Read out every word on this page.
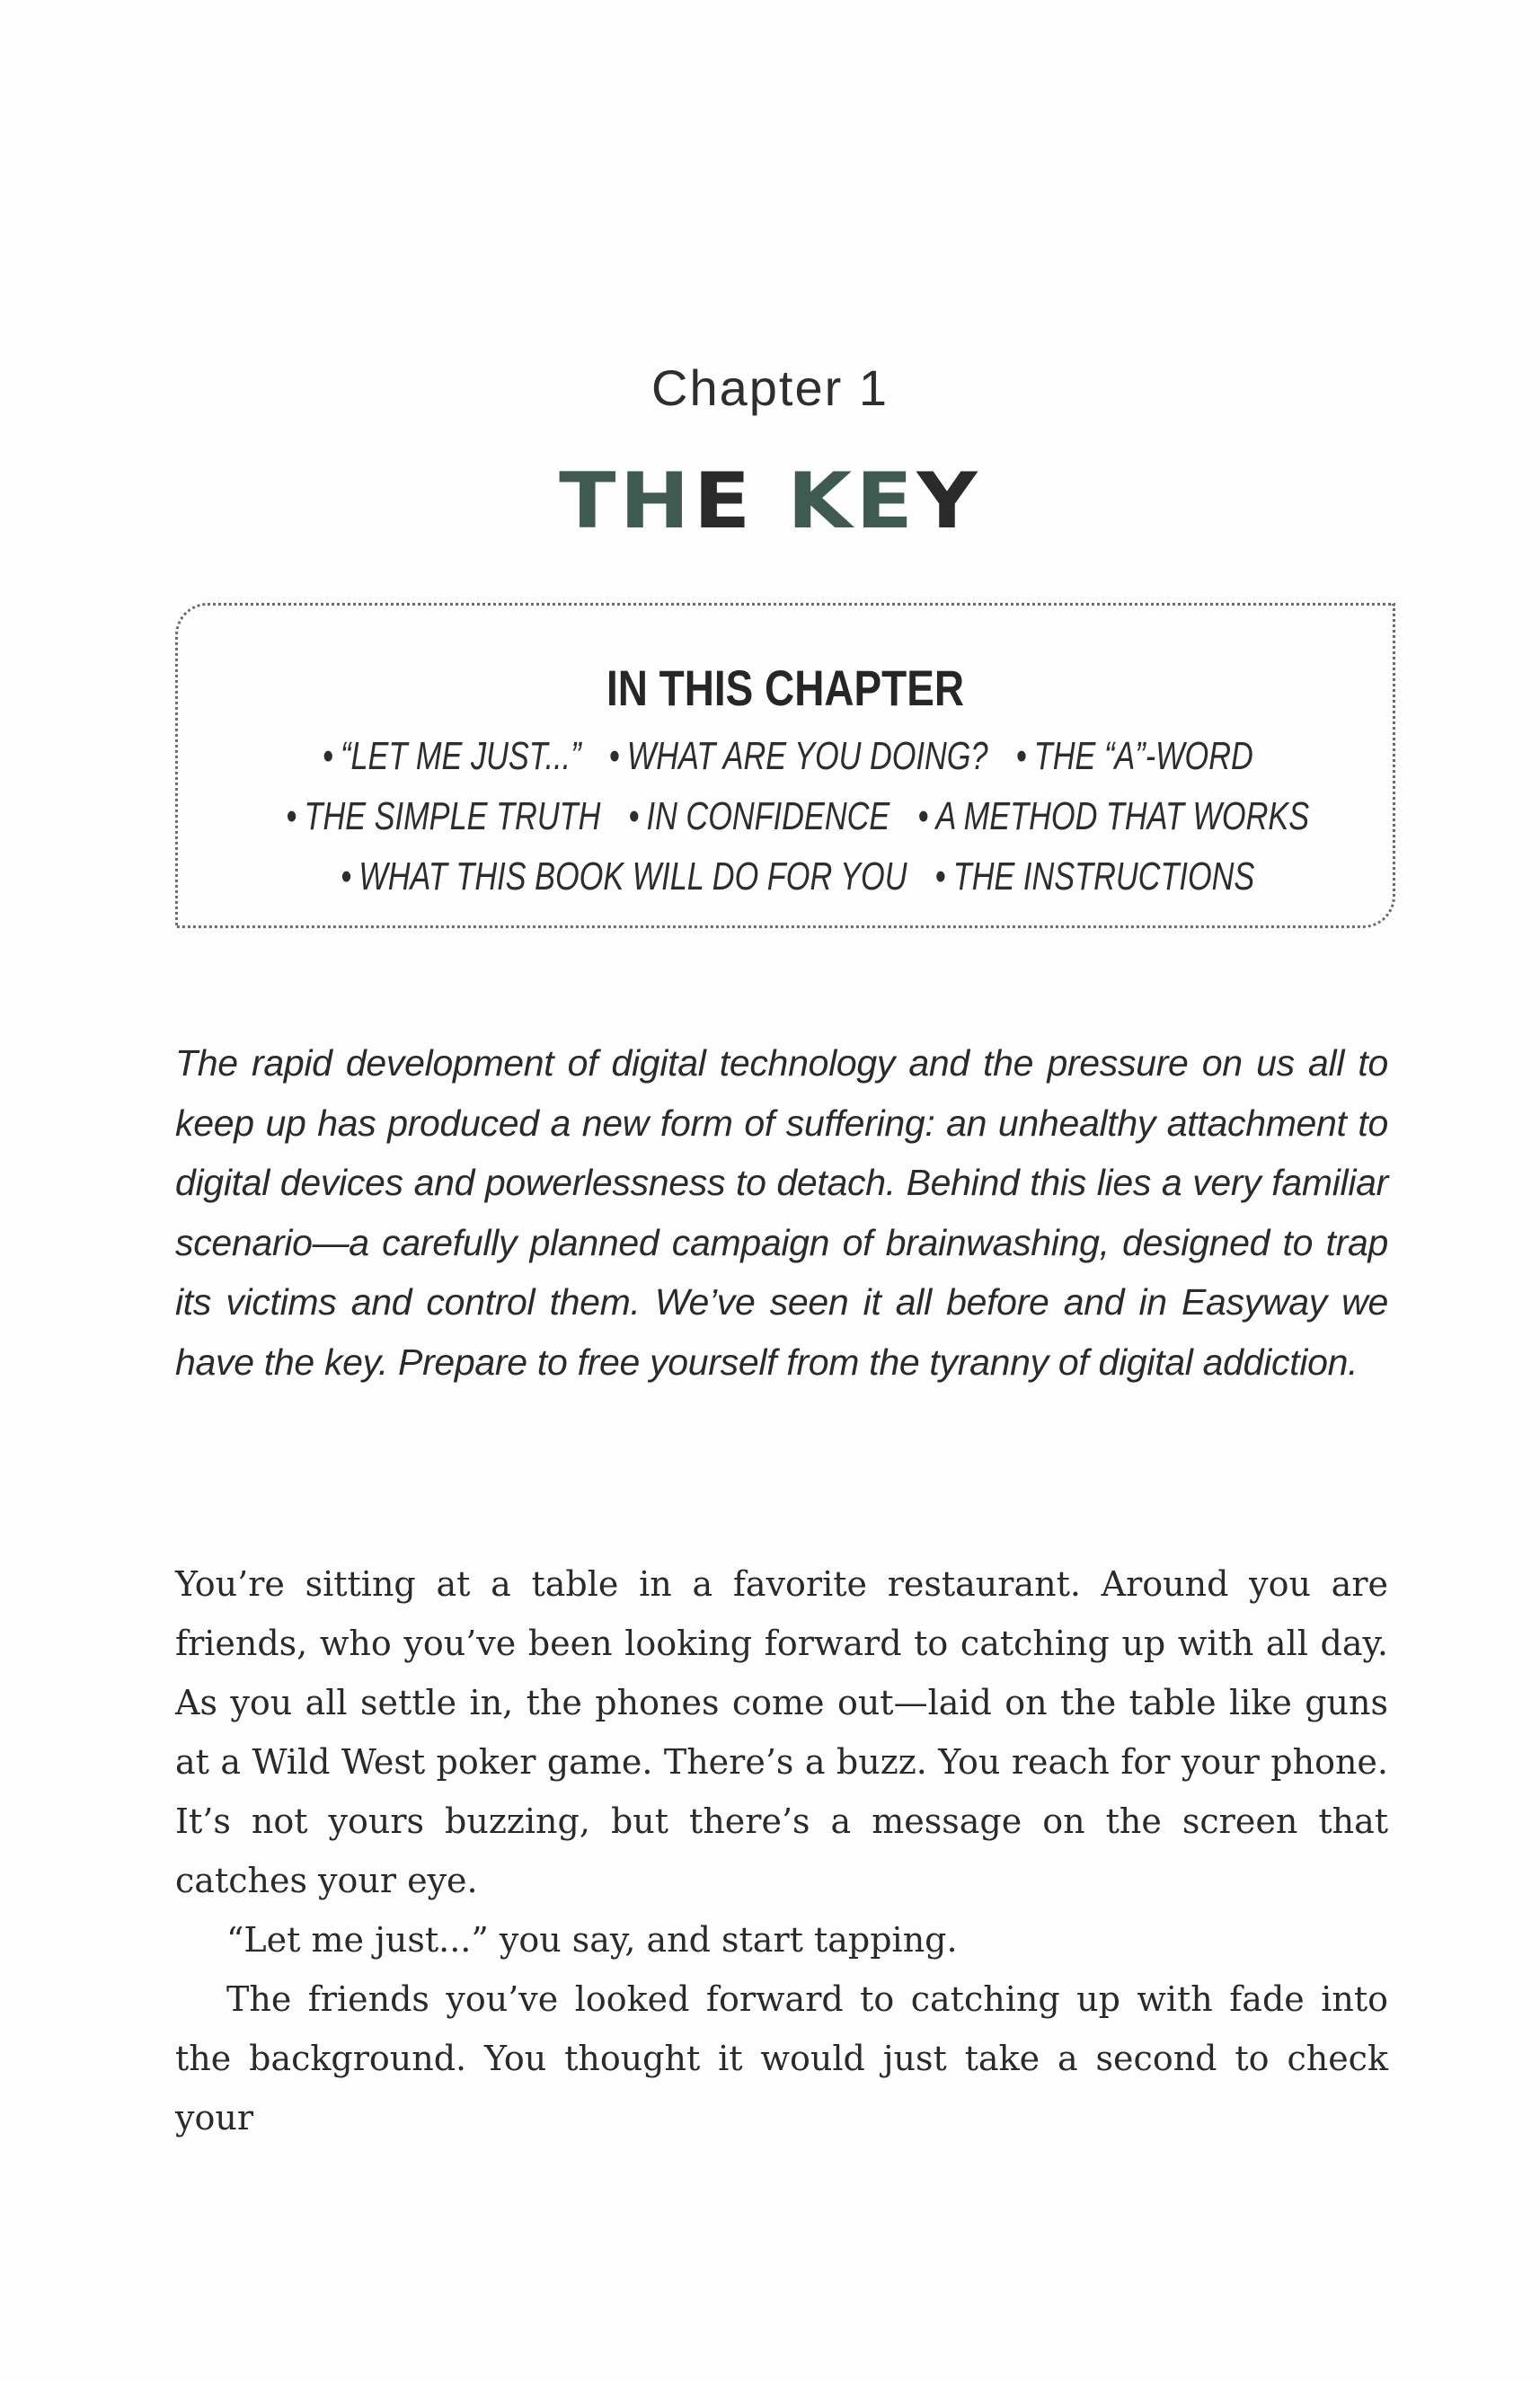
Chapter 1
THE KEY
IN THIS CHAPTER
• “LET ME JUST...” • WHAT ARE YOU DOING? • THE “A”-WORD • THE SIMPLE TRUTH • IN CONFIDENCE • A METHOD THAT WORKS • WHAT THIS BOOK WILL DO FOR YOU • THE INSTRUCTIONS
The rapid development of digital technology and the pressure on us all to keep up has produced a new form of suffering: an unhealthy attachment to digital devices and powerlessness to detach. Behind this lies a very familiar scenario—a carefully planned campaign of brainwashing, designed to trap its victims and control them. We’ve seen it all before and in Easyway we have the key. Prepare to free yourself from the tyranny of digital addiction.

You’re sitting at a table in a favorite restaurant. Around you are friends, who you’ve been looking forward to catching up with all day. As you all settle in, the phones come out—laid on the table like guns at a Wild West poker game. There’s a buzz. You reach for your phone. It’s not yours buzzing, but there’s a message on the screen that catches your eye.

“Let me just...” you say, and start tapping.

The friends you’ve looked forward to catching up with fade into the background. You thought it would just take a second to check your
